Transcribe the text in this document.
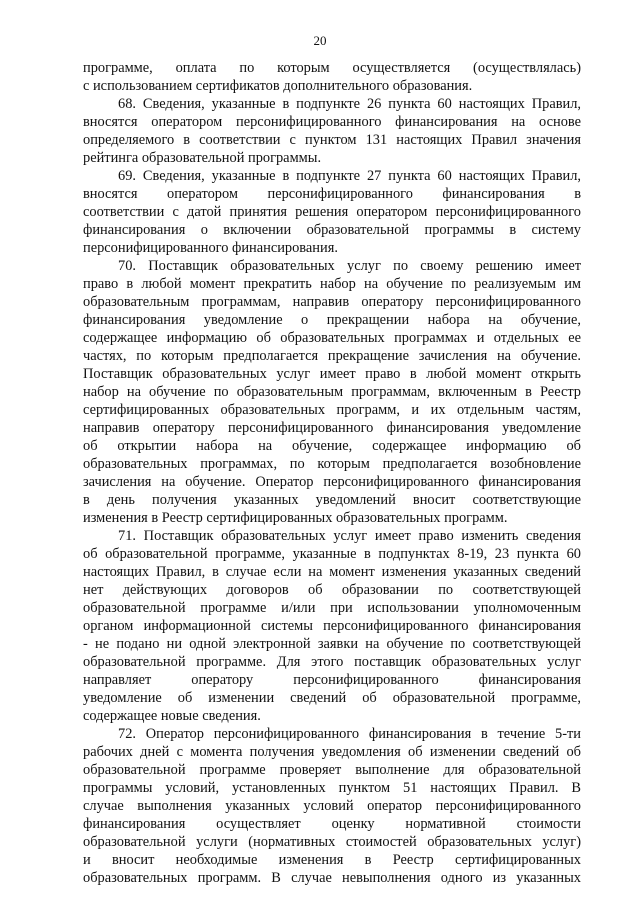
20
программе, оплата по которым осуществляется (осуществлялась)
с использованием сертификатов дополнительного образования.
68. Сведения, указанные в подпункте 26 пункта 60 настоящих Правил,
вносятся оператором персонифицированного финансирования на основе
определяемого в соответствии с пунктом 131 настоящих Правил значения
рейтинга образовательной программы.
69. Сведения, указанные в подпункте 27 пункта 60 настоящих Правил,
вносятся оператором персонифицированного финансирования в
соответствии с датой принятия решения оператором персонифицированного
финансирования о включении образовательной программы в систему
персонифицированного финансирования.
70. Поставщик образовательных услуг по своему решению имеет
право в любой момент прекратить набор на обучение по реализуемым им
образовательным программам, направив оператору персонифицированного
финансирования уведомление о прекращении набора на обучение,
содержащее информацию об образовательных программах и отдельных ее
частях, по которым предполагается прекращение зачисления на обучение.
Поставщик образовательных услуг имеет право в любой момент открыть
набор на обучение по образовательным программам, включенным в Реестр
сертифицированных образовательных программ, и их отдельным частям,
направив оператору персонифицированного финансирования уведомление
об открытии набора на обучение, содержащее информацию об
образовательных программах, по которым предполагается возобновление
зачисления на обучение. Оператор персонифицированного финансирования
в день получения указанных уведомлений вносит соответствующие
изменения в Реестр сертифицированных образовательных программ.
71. Поставщик образовательных услуг имеет право изменить сведения
об образовательной программе, указанные в подпунктах 8-19, 23 пункта 60
настоящих Правил, в случае если на момент изменения указанных сведений
нет действующих договоров об образовании по соответствующей
образовательной программе и/или при использовании уполномоченным
органом информационной системы персонифицированного финансирования
- не подано ни одной электронной заявки на обучение по соответствующей
образовательной программе. Для этого поставщик образовательных услуг
направляет оператору персонифицированного финансирования
уведомление об изменении сведений об образовательной программе,
содержащее новые сведения.
72. Оператор персонифицированного финансирования в течение 5-ти
рабочих дней с момента получения уведомления об изменении сведений об
образовательной программе проверяет выполнение для образовательной
программы условий, установленных пунктом 51 настоящих Правил. В
случае выполнения указанных условий оператор персонифицированного
финансирования осуществляет оценку нормативной стоимости
образовательной услуги (нормативных стоимостей образовательных услуг)
и вносит необходимые изменения в Реестр сертифицированных
образовательных программ. В случае невыполнения одного из указанных
